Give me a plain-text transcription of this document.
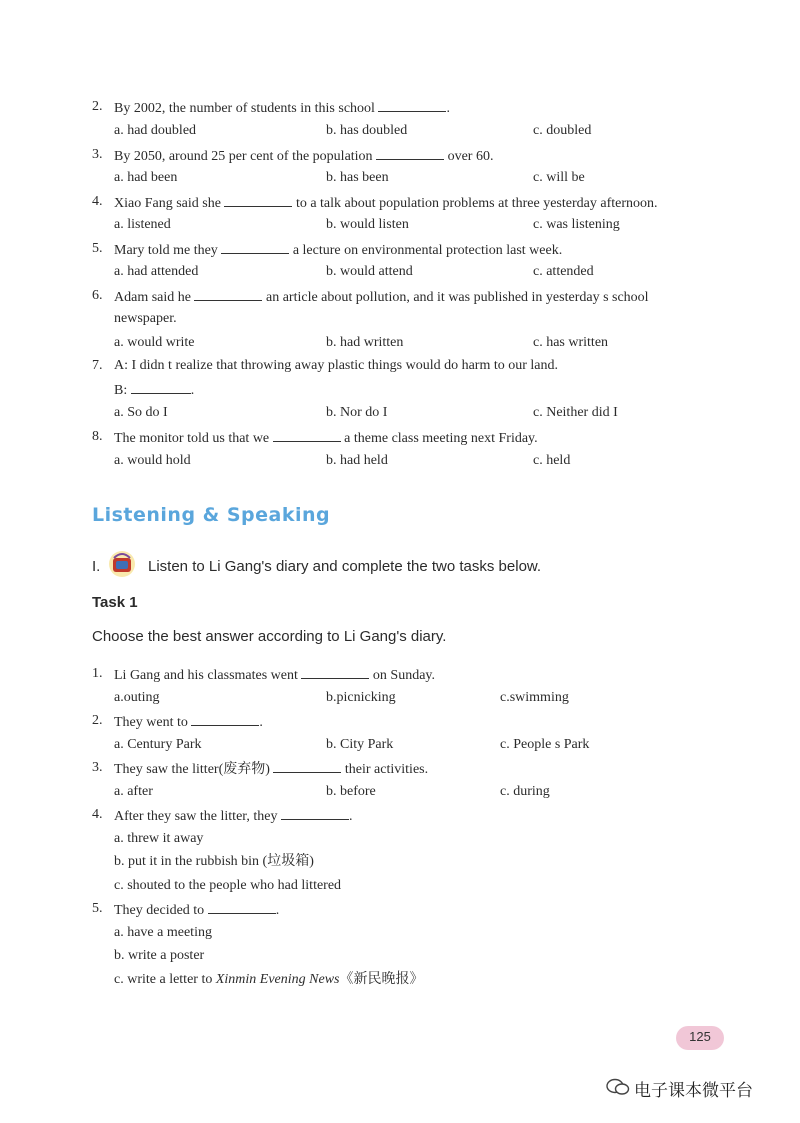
2. By 2002, the number of students in this school	.
a. had doubled	b. has doubled	c. doubled
3. By 2050, around 25 per cent of the population	over 60.
a. had been	b. has been	c. will be
4. Xiao Fang said she	to a talk about population problems at three yesterday afternoon.
a. listened	b. would listen	c. was listening
5. Mary told me they	a lecture on environmental protection last week.
a. had attended	b. would attend	c. attended
6. Adam said he	an article about pollution, and it was published in yesterday s school
newspaper.
a. would write	b. had written	c. has written
7. A: I didn t realize that throwing away plastic things would do harm to our land.
B:	.
a. So do I	b. Nor do I	c. Neither did I
8. The monitor told us that we	a theme class meeting next Friday.
a. would hold	b. had held	c. held
Listening & Speaking
I.	Listen to Li Gang's diary and complete the two tasks below.
Task 1
Choose the best answer according to Li Gang's diary.
1. Li Gang and his classmates went	on Sunday.
a.outing	b.picnicking	c.swimming
2. They went to	.
a. Century Park	b. City Park	c. People s Park
3. They saw the litter(废弃物)	their activities.
a. after	b. before	c. during
4. After they saw the litter, they	.
a. threw it away
b. put it in the rubbish bin (垃圾箱)
c. shouted to the people who had littered
5. They decided to	.
a. have a meeting
b. write a poster
c. write a letter to Xinmin Evening News《新民晚报》
125
电子课本微平台
